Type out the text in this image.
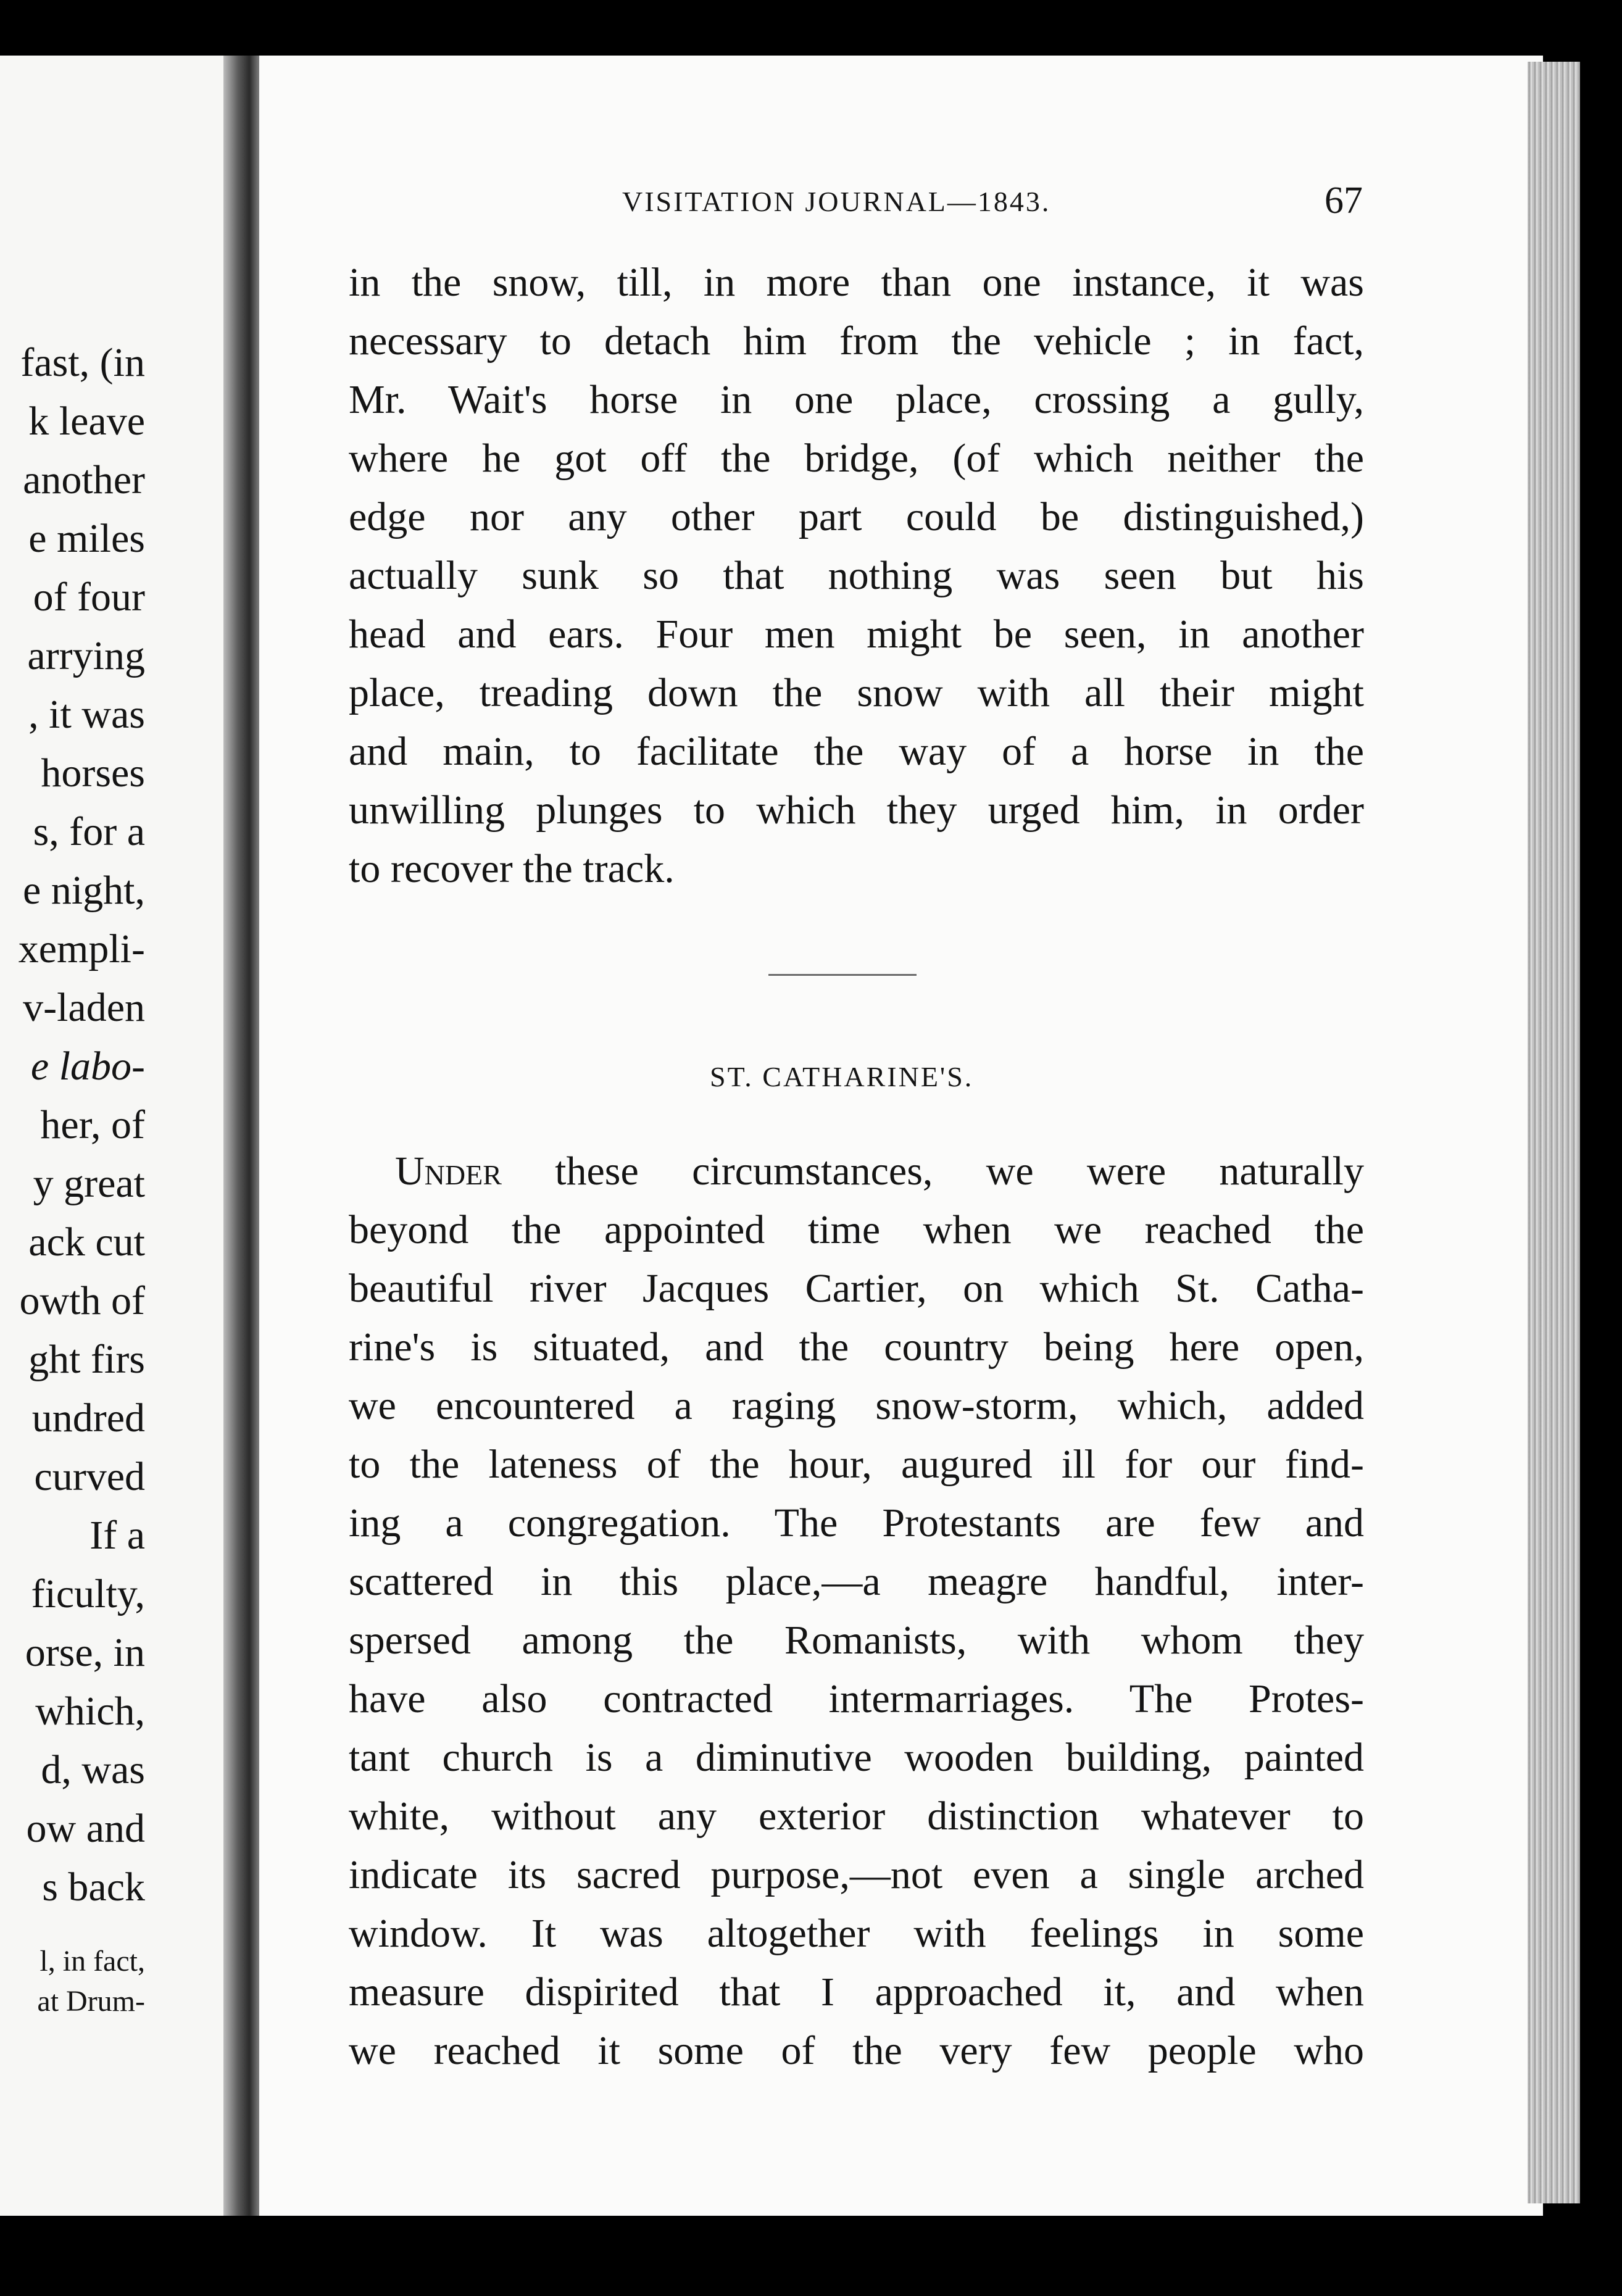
fast, (in
k leave
another
e miles
of four
arrying
, it was
horses
s, for a
e night,
xempli-
v-laden
e labo-
her, of
y great
ack cut
owth of
ght firs
undred
curved
If a
ficulty,
orse, in
which,
d, was
ow and
s back
l, in fact,
at Drum-
VISITATION JOURNAL—1843.	67
in the snow, till, in more than one instance, it was
necessary to detach him from the vehicle ; in fact,
Mr. Wait's horse in one place, crossing a gully,
where he got off the bridge, (of which neither the
edge nor any other part could be distinguished,)
actually sunk so that nothing was seen but his
head and ears. Four men might be seen, in another
place, treading down the snow with all their might
and main, to facilitate the way of a horse in the
unwilling plunges to which they urged him, in order
to recover the track.
ST. CATHARINE'S.
Under these circumstances, we were naturally
beyond the appointed time when we reached the
beautiful river Jacques Cartier, on which St. Catha-
rine's is situated, and the country being here open,
we encountered a raging snow-storm, which, added
to the lateness of the hour, augured ill for our find-
ing a congregation. The Protestants are few and
scattered in this place,—a meagre handful, inter-
spersed among the Romanists, with whom they
have also contracted intermarriages. The Protes-
tant church is a diminutive wooden building, painted
white, without any exterior distinction whatever to
indicate its sacred purpose,—not even a single arched
window. It was altogether with feelings in some
measure dispirited that I approached it, and when
we reached it some of the very few people who
